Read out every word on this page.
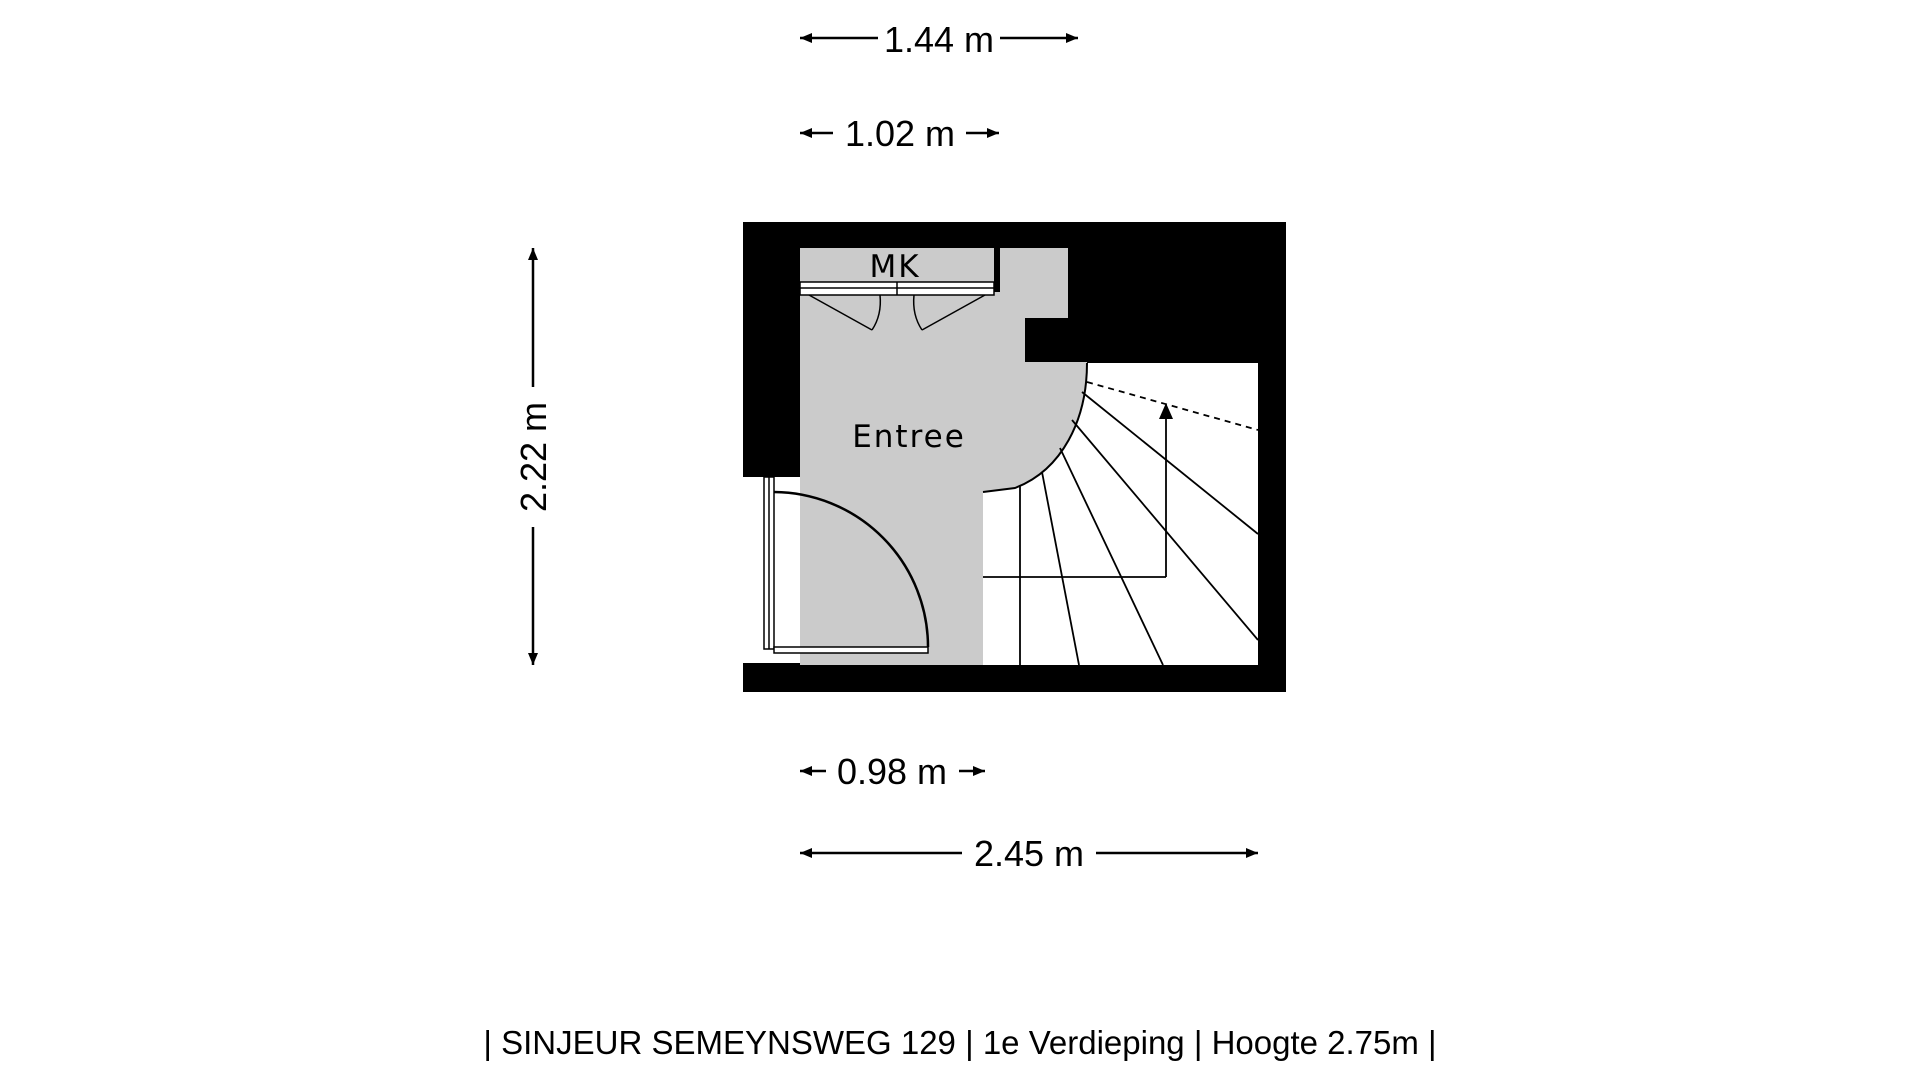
1.44 m
1.02 m
2.22 m
0.98 m
2.45 m
MK
Entree
| SINJEUR SEMEYNSWEG 129 | 1e Verdieping | Hoogte 2.75m |
